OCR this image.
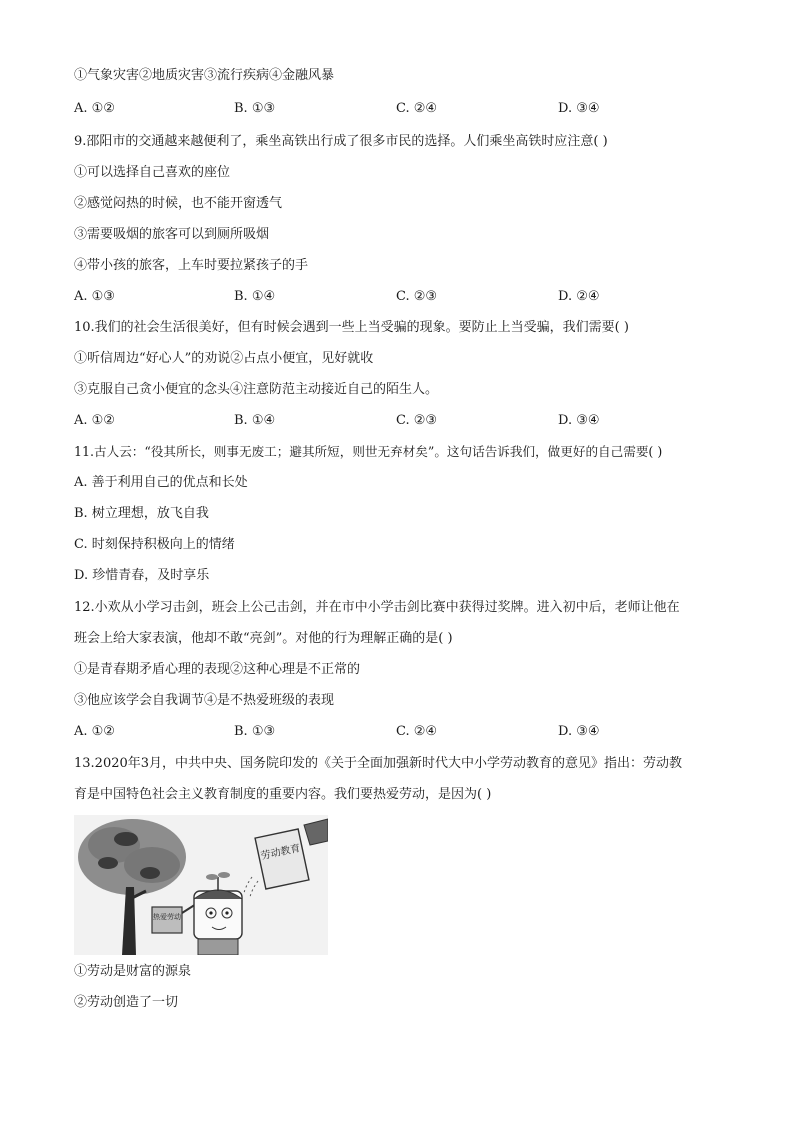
①气象灾害②地质灾害③流行疾病④金融风暴
A. ①②	B. ①③	C. ②④	D. ③④
9.邵阳市的交通越来越便利了，乘坐高铁出行成了很多市民的选择。人们乘坐高铁时应注意( )
①可以选择自己喜欢的座位
②感觉闷热的时候，也不能开窗透气
③需要吸烟的旅客可以到厕所吸烟
④带小孩的旅客，上车时要拉紧孩子的手
A. ①③	B. ①④	C. ②③	D. ②④
10.我们的社会生活很美好，但有时候会遇到一些上当受骗的现象。要防止上当受骗，我们需要( )
①听信周边“好心人”的劝说②占点小便宜，见好就收
③克服自己贪小便宜的念头④注意防范主动接近自己的陌生人。
A. ①②	B. ①④	C. ②③	D. ③④
11.古人云：“役其所长，则事无废工；避其所短，则世无弃材矣”。这句话告诉我们，做更好的自己需要( )
A. 善于利用自己的优点和长处
B. 树立理想，放飞自我
C. 时刻保持积极向上的情绪
D. 珍惜青春，及时享乐
12.小欢从小学习击剑，班会上公己击剑，并在市中小学击剑比赛中获得过奖牌。进入初中后，老师让他在
班会上给大家表演，他却不敢“亮剑”。对他的行为理解正确的是( )
①是青春期矛盾心理的表现②这种心理是不正常的
③他应该学会自我调节④是不热爱班级的表现
A. ①②	B. ①③	C. ②④	D. ③④
13.2020年3月，中共中央、国务院印发的《关于全面加强新时代大中小学劳动教育的意见》指出：劳动教
育是中国特色社会主义教育制度的重要内容。我们要热爱劳动，是因为( )
热爱劳动
劳动教育
①劳动是财富的源泉
②劳动创造了一切
